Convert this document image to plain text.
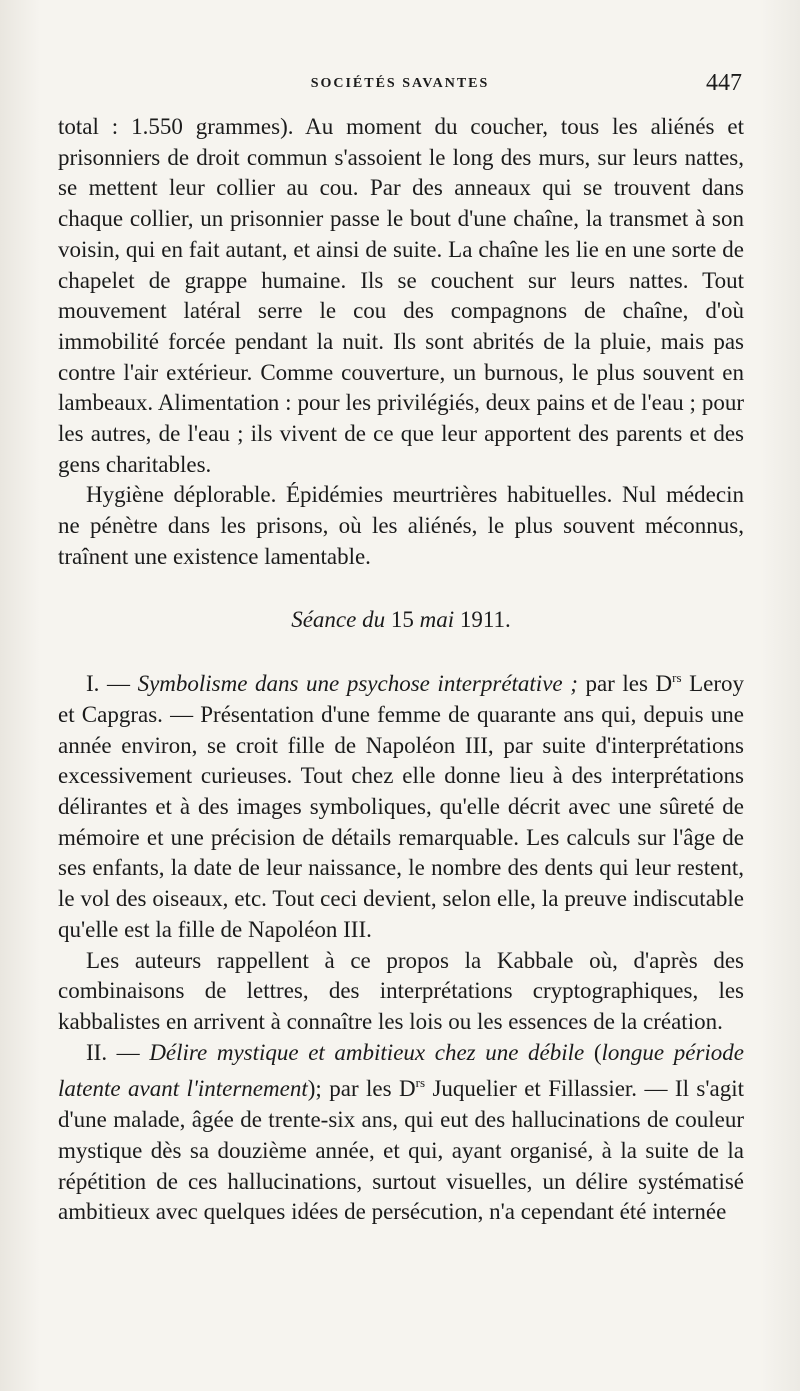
SOCIÉTÉS SAVANTES	447

total : 1.550 grammes). Au moment du coucher, tous les aliénés et prisonniers de droit commun s'assoient le long des murs, sur leurs nattes, se mettent leur collier au cou. Par des anneaux qui se trouvent dans chaque collier, un prisonnier passe le bout d'une chaîne, la transmet à son voisin, qui en fait autant, et ainsi de suite. La chaîne les lie en une sorte de chapelet de grappe humaine. Ils se couchent sur leurs nattes. Tout mouvement latéral serre le cou des compagnons de chaîne, d'où immobilité forcée pendant la nuit. Ils sont abrités de la pluie, mais pas contre l'air extérieur. Comme couverture, un burnous, le plus souvent en lambeaux. Alimentation : pour les privilégiés, deux pains et de l'eau ; pour les autres, de l'eau ; ils vivent de ce que leur apportent des parents et des gens charitables.

Hygiène déplorable. Épidémies meurtrières habituelles. Nul médecin ne pénètre dans les prisons, où les aliénés, le plus souvent méconnus, traînent une existence lamentable.

Séance du 15 mai 1911.

I. — Symbolisme dans une psychose interprétative ; par les $D^{rs}$ Leroy et Capgras. — Présentation d'une femme de quarante ans qui, depuis une année environ, se croit fille de Napoléon III, par suite d'interprétations excessivement curieuses. Tout chez elle donne lieu à des interprétations délirantes et à des images symboliques, qu'elle décrit avec une sûreté de mémoire et une précision de détails remarquable. Les calculs sur l'âge de ses enfants, la date de leur naissance, le nombre des dents qui leur restent, le vol des oiseaux, etc. Tout ceci devient, selon elle, la preuve indiscutable qu'elle est la fille de Napoléon III.

Les auteurs rappellent à ce propos la Kabbale où, d'après des combinaisons de lettres, des interprétations cryptographiques, les kabbalistes en arrivent à connaître les lois ou les essences de la création.

II. — Délire mystique et ambitieux chez une débile (longue période latente avant l'internement); par les $D^{rs}$ Juquelier et Fillassier. — Il s'agit d'une malade, âgée de trente-six ans, qui eut des hallucinations de couleur mystique dès sa douzième année, et qui, ayant organisé, à la suite de la répétition de ces hallucinations, surtout visuelles, un délire systématisé ambitieux avec quelques idées de persécution, n'a cependant été internée
